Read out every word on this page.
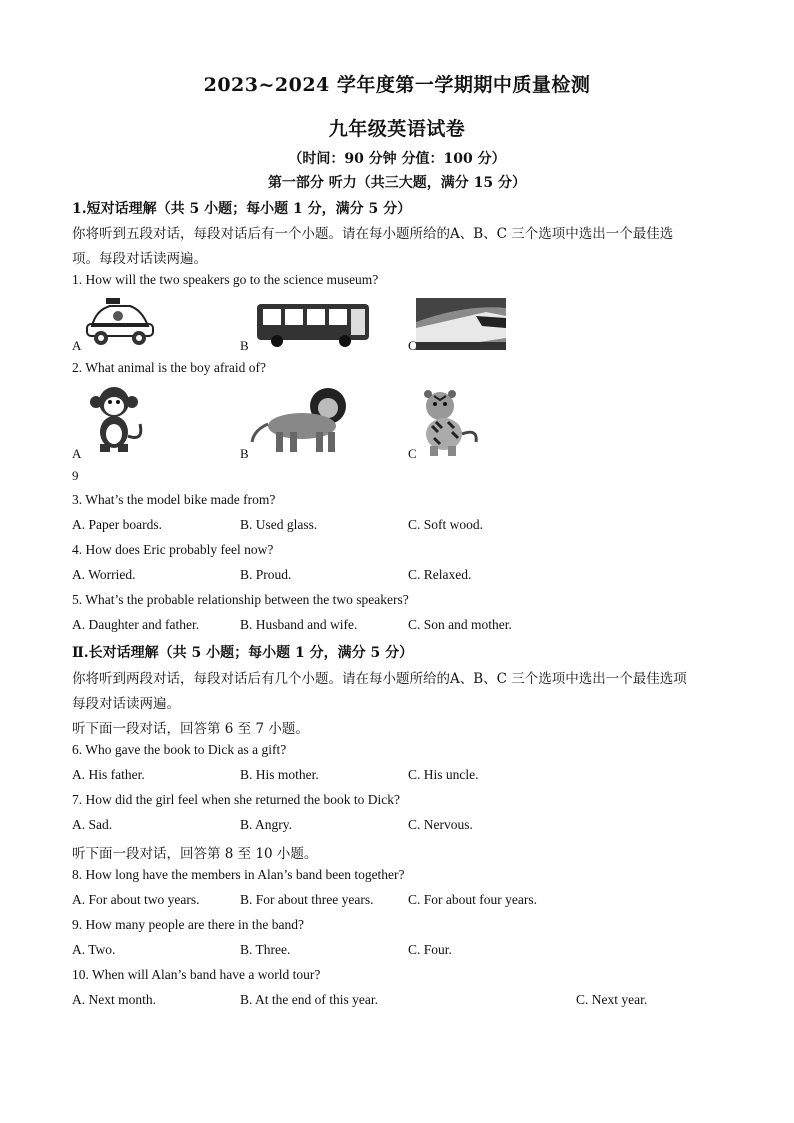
2023~2024 学年度第一学期期中质量检测
九年级英语试卷
（时间：90 分钟 分值：100 分）
第一部分 听力（共三大题，满分 15 分）
1.短对话理解（共 5 小题；每小题 1 分，满分 5 分）
你将听到五段对话，每段对话后有一个小题。请在每小题所给的A、B、C 三个选项中选出一个最佳选
项。每段对话读两遍。
1. How will the two speakers go to the science museum?
A	B	C
2. What animal is the boy afraid of?
A	B	C
9
3. What’s the model bike made from?
A. Paper boards.	B. Used glass.	C. Soft wood.
4. How does Eric probably feel now?
A. Worried.	B. Proud.	C. Relaxed.
5. What’s the probable relationship between the two speakers?
A. Daughter and father.	B. Husband and wife.	C. Son and mother.
Ⅱ.长对话理解（共 5 小题；每小题 1 分，满分 5 分）
你将听到两段对话，每段对话后有几个小题。请在每小题所给的A、B、C 三个选项中选出一个最佳选项
每段对话读两遍。
听下面一段对话，回答第 6 至 7 小题。
6. Who gave the book to Dick as a gift?
A. His father.	B. His mother.	C. His uncle.
7. How did the girl feel when she returned the book to Dick?
A. Sad.	B. Angry.	C. Nervous.
听下面一段对话，回答第 8 至 10 小题。
8. How long have the members in Alan’s band been together?
A. For about two years.	B. For about three years.	C. For about four years.
9. How many people are there in the band?
A. Two.	B. Three.	C. Four.
10. When will Alan’s band have a world tour?
A. Next month.	B. At the end of this year.	C. Next year.
